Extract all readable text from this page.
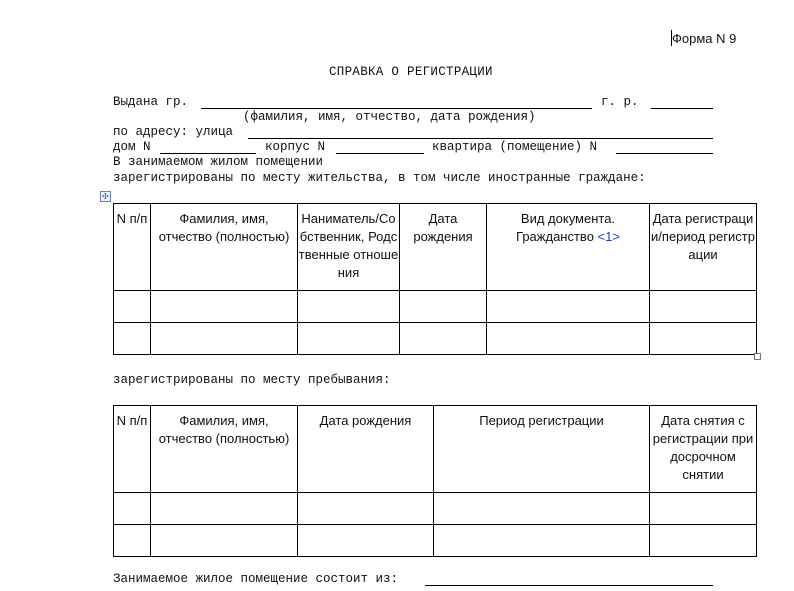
Форма N 9
СПРАВКА О РЕГИСТРАЦИИ
Выдана гр.	г. р.
(фамилия, имя, отчество, дата рождения)
по адресу: улица
дом N	корпус N	квартира (помещение) N
В занимаемом жилом помещении
зарегистрированы по месту жительства, в том числе иностранные граждане:
✣
N п/п	Фамилия, имя, отчество (полностью)	Наниматель/Собственник, Родственные отношения	Дата рождения	Вид документа. Гражданство <1>	Дата регистрации/период регистрации

зарегистрированы по месту пребывания:
N п/п	Фамилия, имя, отчество (полностью)	Дата рождения	Период регистрации	Дата снятия с регистрации при досрочном снятии

Занимаемое жилое помещение состоит из:
